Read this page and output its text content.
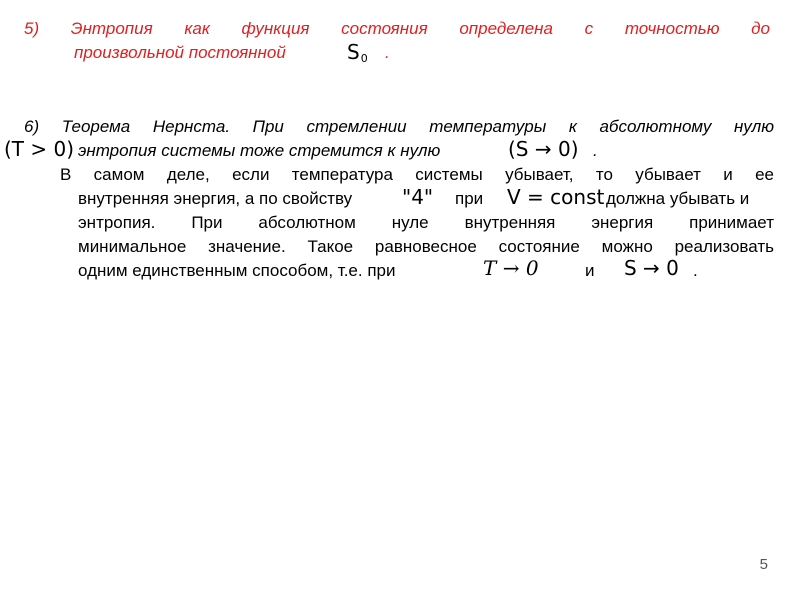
5) Энтропия как функция состояния определена с точностью до
произвольной постоянной	$S_0$ .
6) Теорема Нернста. При стремлении температуры к абсолютному нулю
(T > 0) энтропия системы тоже стремится к нулю	(S → 0) .
В самом деле, если температура системы убывает, то убывает и ее
внутренняя энергия, а по свойству "4" при V = const должна убывать и
энтропия. При абсолютном нуле внутренняя энергия принимает
минимальное значение. Такое равновесное состояние можно реализовать
одним единственным способом, т.е. при	T → 0	и S → 0 .
5
